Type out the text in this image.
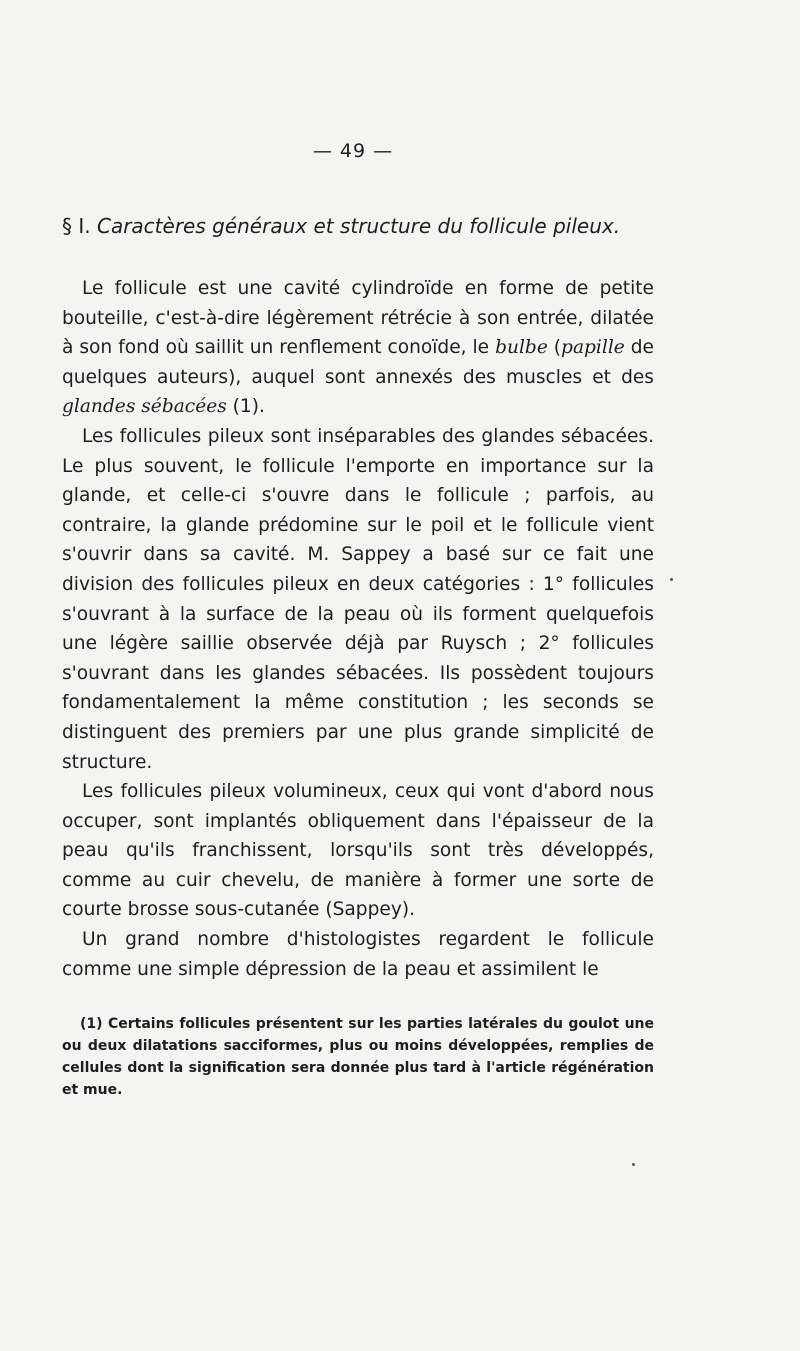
— 49 —
§ I. Caractères généraux et structure du follicule pileux.

Le follicule est une cavité cylindroïde en forme de petite bouteille, c'est-à-dire légèrement rétrécie à son entrée, dilatée à son fond où saillit un renflement conoïde, le bulbe (papille de quelques auteurs), auquel sont annexés des muscles et des glandes sébacées (1).

Les follicules pileux sont inséparables des glandes sébacées. Le plus souvent, le follicule l'emporte en importance sur la glande, et celle-ci s'ouvre dans le follicule ; parfois, au contraire, la glande prédomine sur le poil et le follicule vient s'ouvrir dans sa cavité. M. Sappey a basé sur ce fait une division des follicules pileux en deux catégories : 1° follicules s'ouvrant à la surface de la peau où ils forment quelquefois une légère saillie observée déjà par Ruysch ; 2° follicules s'ouvrant dans les glandes sébacées. Ils possèdent toujours fondamentalement la même constitution ; les seconds se distinguent des premiers par une plus grande simplicité de structure.

Les follicules pileux volumineux, ceux qui vont d'abord nous occuper, sont implantés obliquement dans l'épaisseur de la peau qu'ils franchissent, lorsqu'ils sont très développés, comme au cuir chevelu, de manière à former une sorte de courte brosse sous-cutanée (Sappey).

Un grand nombre d'histologistes regardent le follicule comme une simple dépression de la peau et assimilent le

(1) Certains follicules présentent sur les parties latérales du goulot une ou deux dilatations sacciformes, plus ou moins développées, remplies de cellules dont la signification sera donnée plus tard à l'article régénération et mue.
